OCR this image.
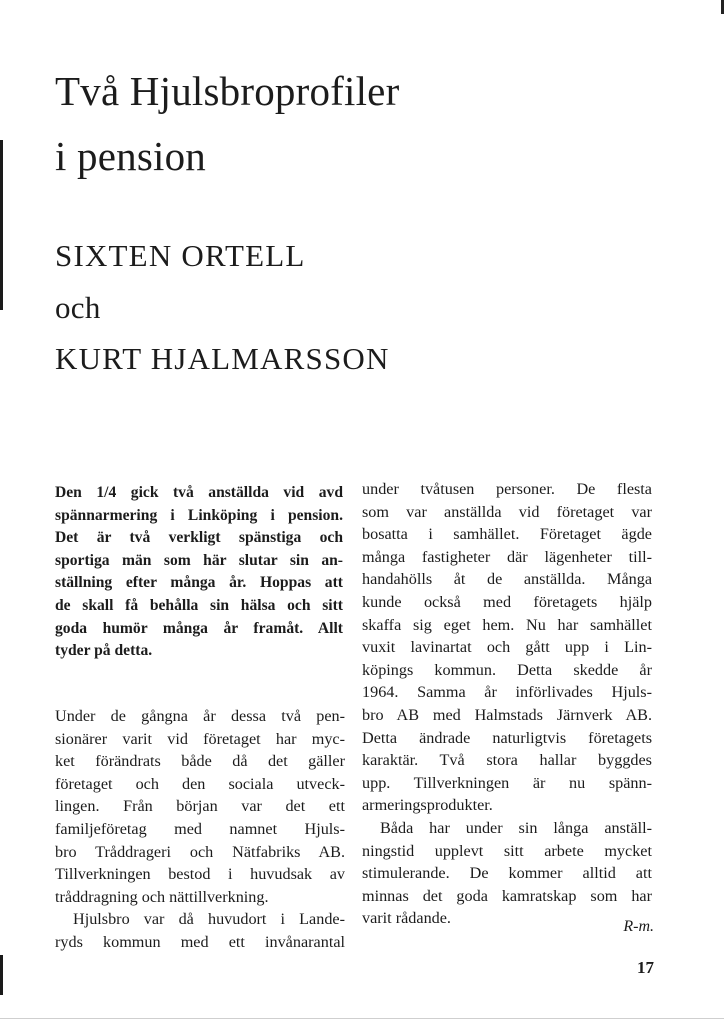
Två Hjulsbroprofiler
i pension
SIXTEN ORTELL
och
KURT HJALMARSSON

Den 1/4 gick två anställda vid avd
spännarmering i Linköping i pension.
Det är två verkligt spänstiga och
sportiga män som här slutar sin an-
ställning efter många år. Hoppas att
de skall få behålla sin hälsa och sitt
goda humör många år framåt. Allt
tyder på detta.

Under de gångna år dessa två pen-
sionärer varit vid företaget har myc-
ket förändrats både då det gäller
företaget och den sociala utveck-
lingen. Från början var det ett
familjeföretag med namnet Hjuls-
bro Tråddrageri och Nätfabriks AB.
Tillverkningen bestod i huvudsak av
tråddragning och nättillverkning.

Hjulsbro var då huvudort i Lande-
ryds kommun med ett invånarantal

under tvåtusen personer. De flesta
som var anställda vid företaget var
bosatta i samhället. Företaget ägde
många fastigheter där lägenheter till-
handahölls åt de anställda. Många
kunde också med företagets hjälp
skaffa sig eget hem. Nu har samhället
vuxit lavinartat och gått upp i Lin-
köpings kommun. Detta skedde år
1964. Samma år införlivades Hjuls-
bro AB med Halmstads Järnverk AB.
Detta ändrade naturligtvis företagets
karaktär. Två stora hallar byggdes
upp. Tillverkningen är nu spänn-
armeringsprodukter.

Båda har under sin långa anställ-
ningstid upplevt sitt arbete mycket
stimulerande. De kommer alltid att
minnas det goda kamratskap som har
varit rådande.	R-m.
17
